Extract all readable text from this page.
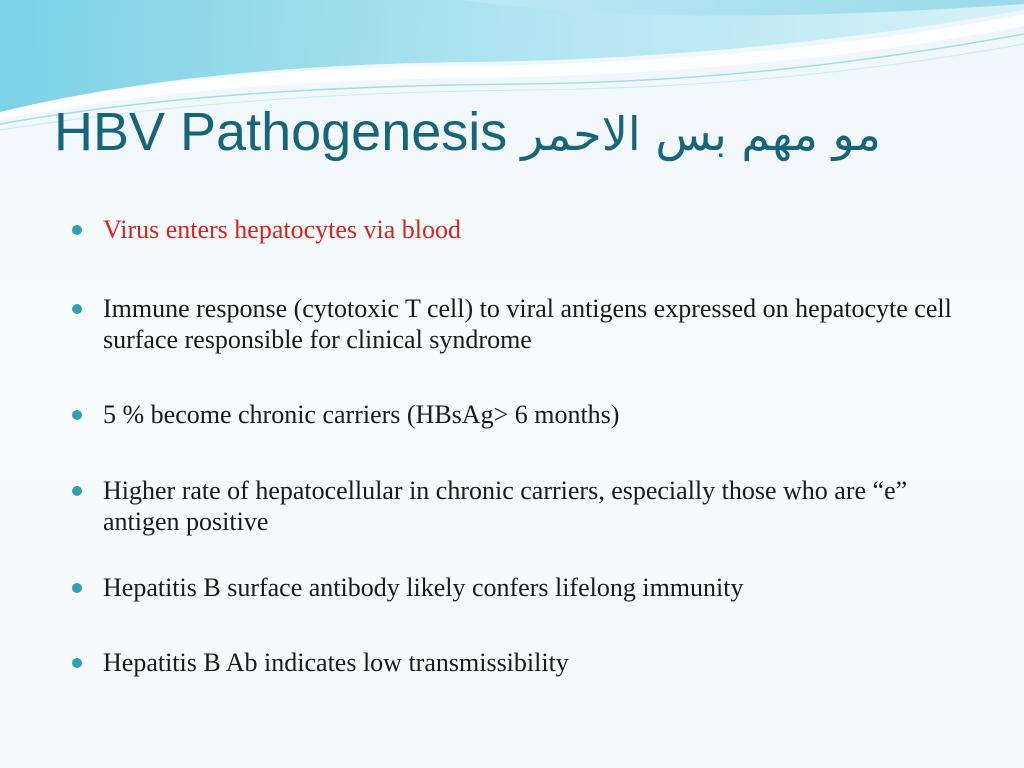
HBV Pathogenesis مو مهم بس الاحمر
Virus enters hepatocytes via blood
Immune response (cytotoxic T cell) to viral antigens expressed on hepatocyte cell surface responsible for clinical syndrome
5 % become chronic carriers (HBsAg> 6 months)
Higher rate of hepatocellular in chronic carriers, especially those who are “e” antigen positive
Hepatitis B surface antibody likely confers lifelong immunity
Hepatitis B Ab indicates low transmissibility
